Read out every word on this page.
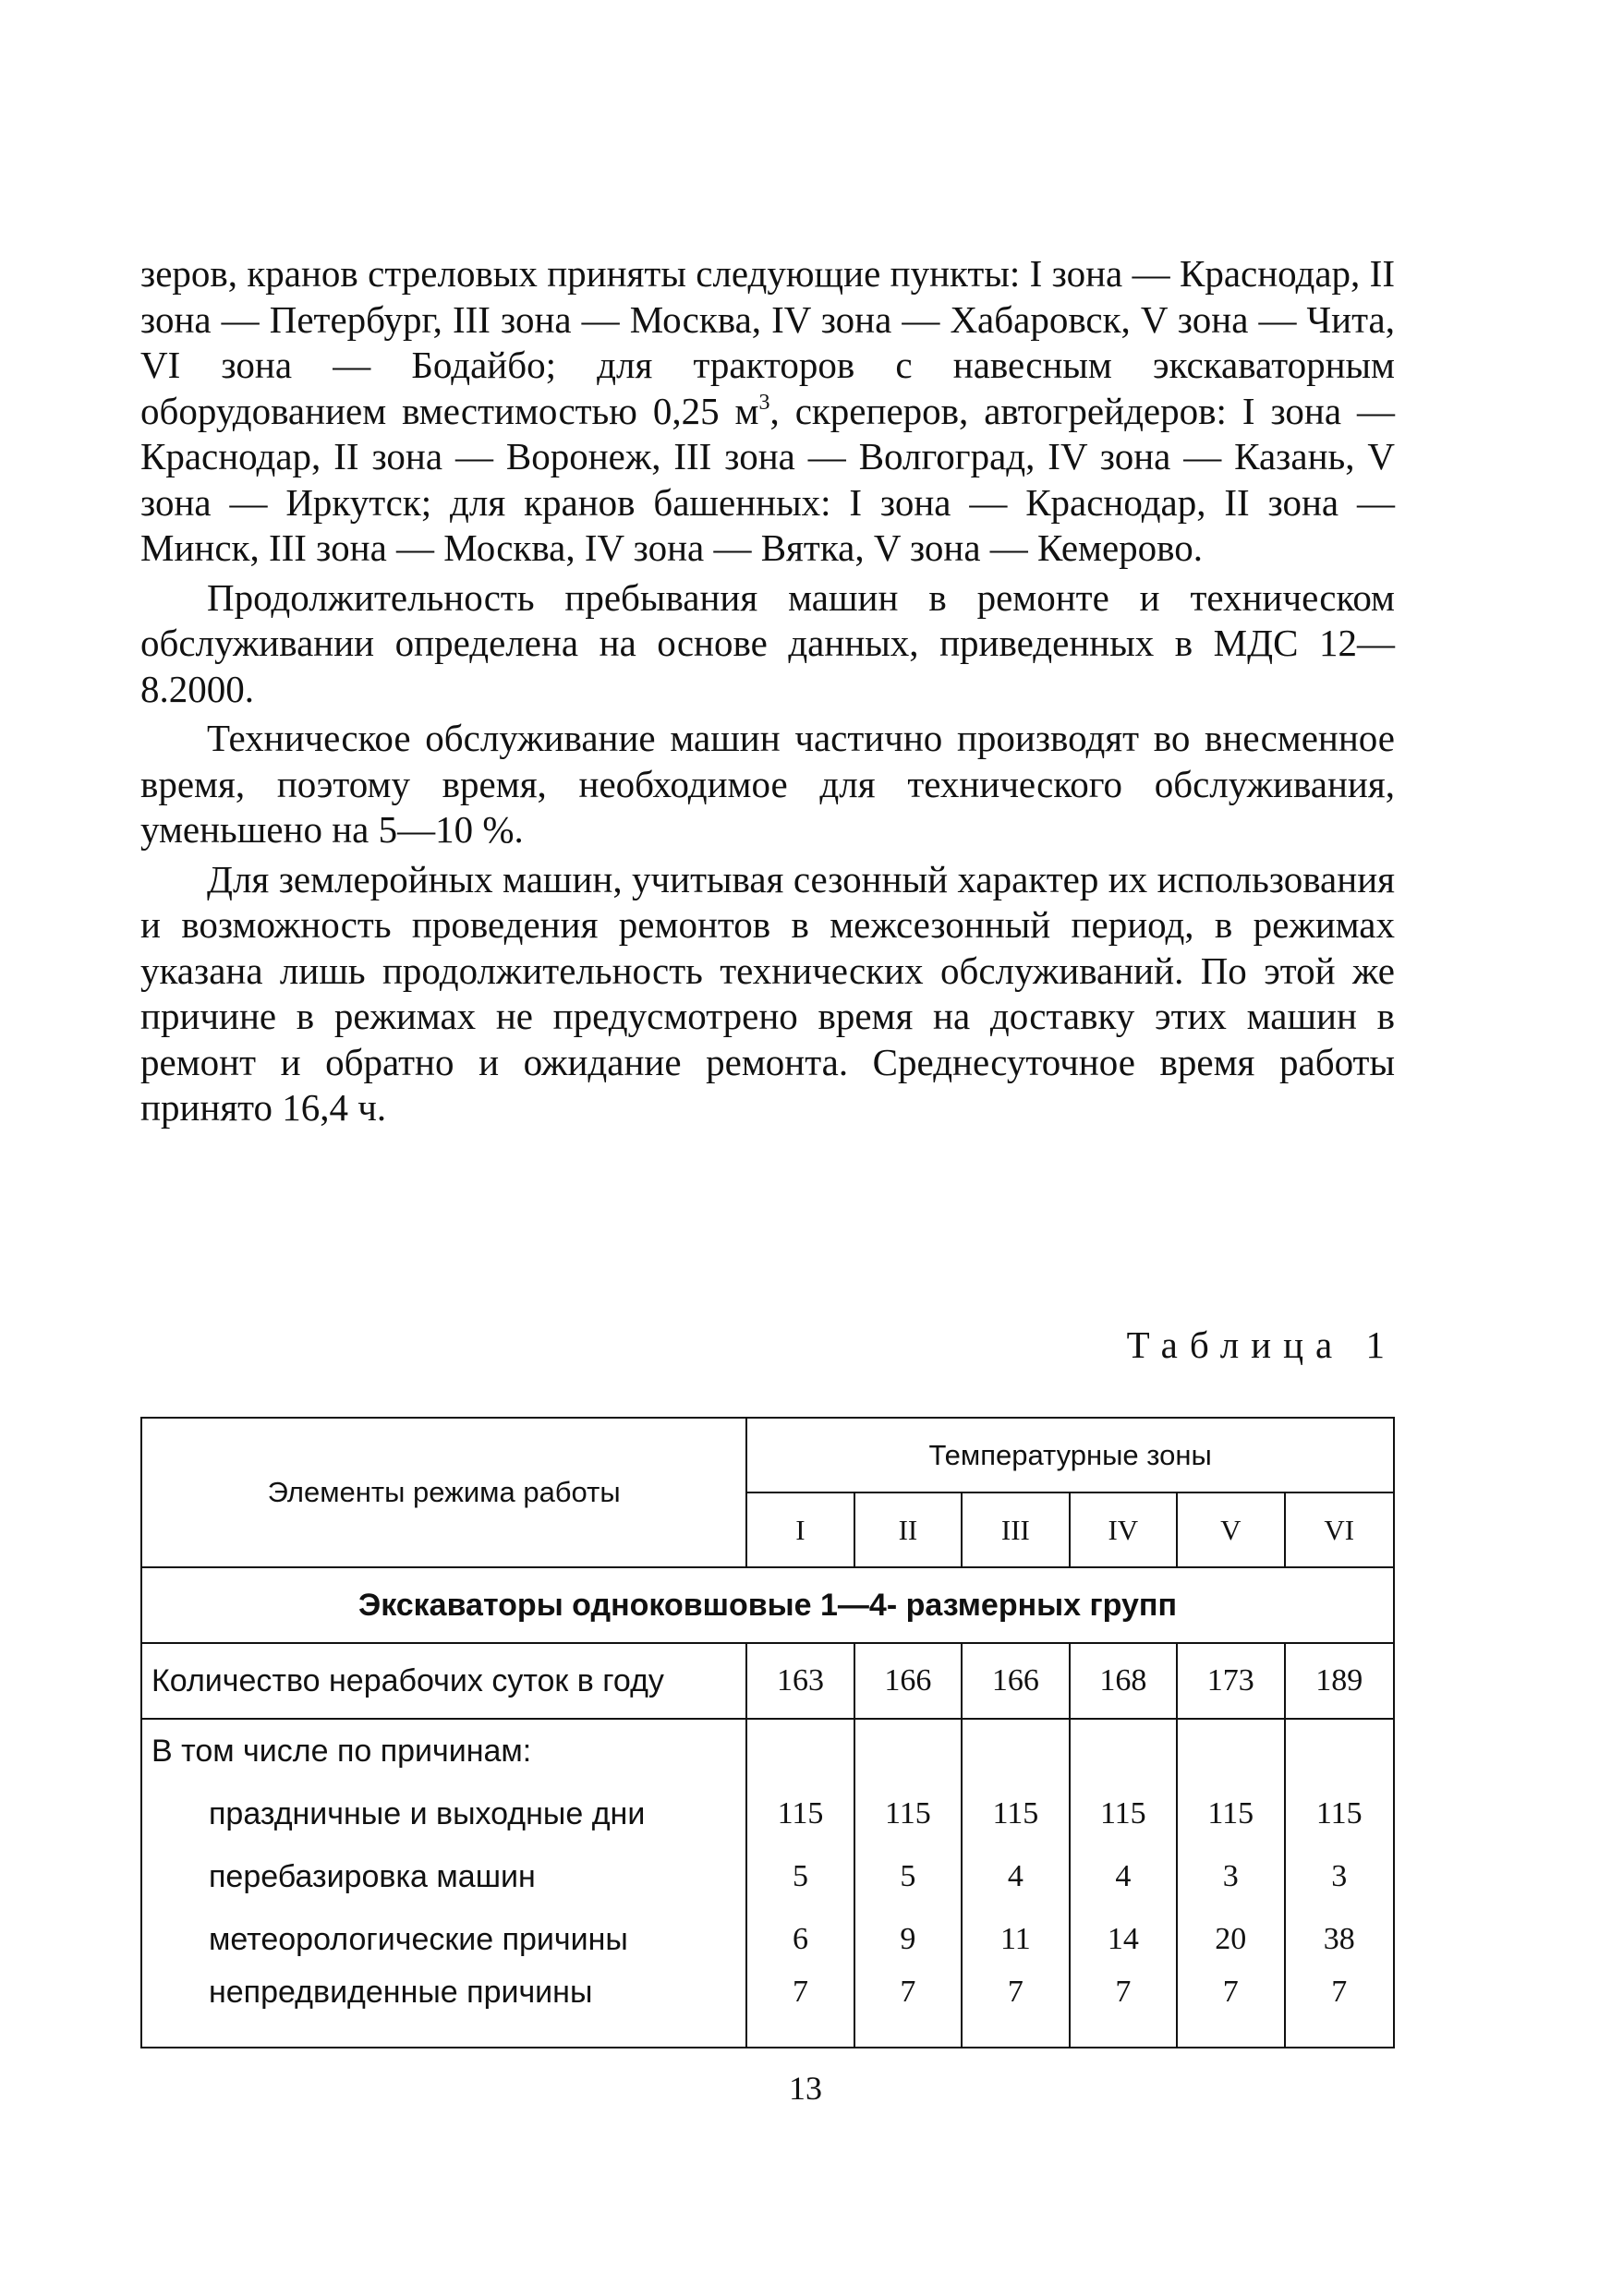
зеров, кранов стреловых приняты следующие пункты: I зона — Краснодар, II зона — Петербург, III зона — Москва, IV зона — Хабаровск, V зона — Чита, VI зона — Бодайбо; для тракторов с навесным экскаваторным оборудованием вместимостью 0,25 $м^3$, скреперов, автогрейдеров: I зона — Краснодар, II зона — Воронеж, III зона — Волгоград, IV зона — Казань, V зона — Иркутск; для кранов башенных: I зона — Краснодар, II зона — Минск, III зона — Москва, IV зона — Вятка, V зона — Кемерово.

Продолжительность пребывания машин в ремонте и техническом обслуживании определена на основе данных, приведенных в МДС 12—8.2000.

Техническое обслуживание машин частично производят во внесменное время, поэтому время, необходимое для технического обслуживания, уменьшено на 5—10 %.

Для землеройных машин, учитывая сезонный характер их использования и возможность проведения ремонтов в межсезонный период, в режимах указана лишь продолжительность технических обслуживаний. По этой же причине в режимах не предусмотрено время на доставку этих машин в ремонт и обратно и ожидание ремонта. Среднесуточное время работы принято 16,4 ч.

Таблица 1
Элементы режима работы	Температурные зоны					
	I	II	III	IV	V	VI
Экскаваторы одноковшовые 1—4- размерных групп						
Количество нерабочих суток в году	163	166	166	168	173	189
В том числе по причинам:						
праздничные и выходные дни	115	115	115	115	115	115
перебазировка машин	5	5	4	4	3	3
метеорологические причины	6	9	11	14	20	38
непредвиденные причины	7	7	7	7	7	7
13
